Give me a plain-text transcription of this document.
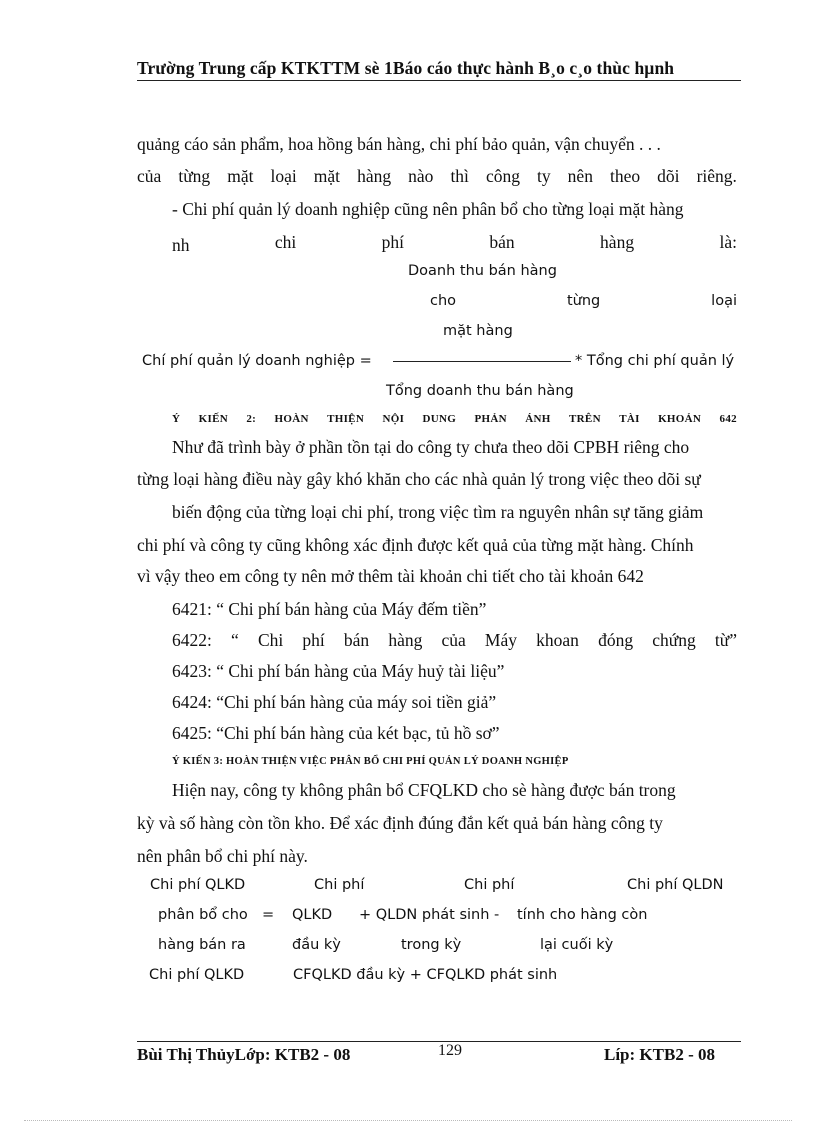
Trường Trung cấp KTKTTM sè 1Báo cáo thực hành B¸o c¸o thùc hµnh
quảng cáo sản phẩm, hoa hồng bán hàng, chi phí bảo quản, vận chuyển . . .
của từng mặt loại mặt hàng nào thì công ty nên theo dõi riêng.
- Chi phí quản lý doanh nghiệp cũng nên phân bổ cho từng loại mặt hàng
nh	chi	phí	bán	hàng	là:
Doanh thu bán hàng
cho	từng	loại
mặt hàng
Chí phí quản lý doanh nghiệp =	* Tổng chi phí quản lý
Tổng doanh thu bán hàng
Ý KIẾN 2: HOÀN THIỆN NỘI DUNG PHẢN ÁNH TRÊN TÀI KHOẢN 642
Như đã trình bày ở phần tồn tại do công ty chưa theo dõi CPBH riêng cho
từng loại hàng điều này gây khó khăn cho các nhà quản lý trong việc theo dõi sự
biến động của từng loại chi phí, trong việc tìm ra nguyên nhân sự tăng giảm
chi phí và công ty cũng không xác định được kết quả của từng mặt hàng. Chính
vì vậy theo em công ty nên mở thêm tài khoản chi tiết cho tài khoản 642
6421: “ Chi phí bán hàng của Máy đếm tiền”
6422: “ Chi phí bán hàng của Máy khoan đóng chứng từ”
6423: “ Chi phí bán hàng của Máy huỷ tài liệu”
6424: “Chi phí bán hàng của máy soi tiền giả”
6425: “Chi phí bán hàng của két bạc, tủ hồ sơ”
Ý KIẾN 3: HOÀN THIỆN VIỆC PHÂN BỔ CHI PHÍ QUẢN LÝ DOANH NGHIỆP
Hiện nay, công ty không phân bổ CFQLKD cho sè hàng được bán trong
kỳ và số hàng còn tồn kho. Để xác định đúng đắn kết quả bán hàng công ty
nên phân bổ chi phí này.
Chi phí QLKD	Chi phí	Chi phí	Chi phí QLDN
phân bổ cho = QLKD + QLDN phát sinh - tính cho hàng còn
hàng bán ra	đầu kỳ	trong kỳ	lại cuối kỳ
Chi phí QLKD	CFQLKD đầu kỳ + CFQLKD phát sinh
Bùi Thị ThủyLớp: KTB2 - 08	129	Líp: KTB2 - 08
